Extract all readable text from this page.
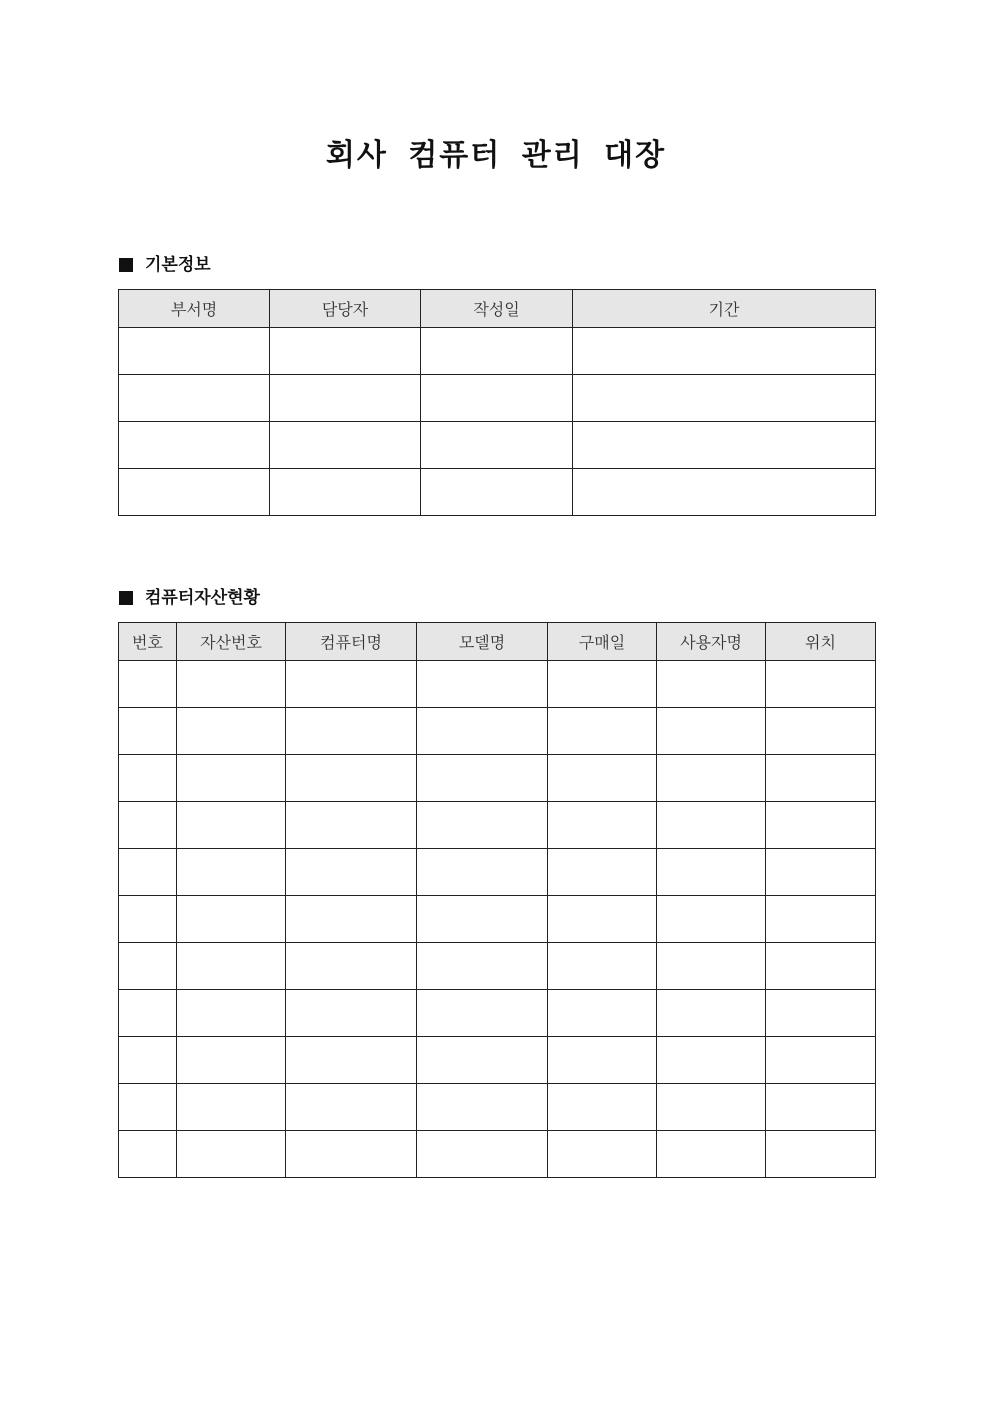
회사 컴퓨터 관리 대장
기본정보
부서명	담당자	작성일	기간

컴퓨터자산현황
번호	자산번호	컴퓨터명	모델명	구매일	사용자명	위치
